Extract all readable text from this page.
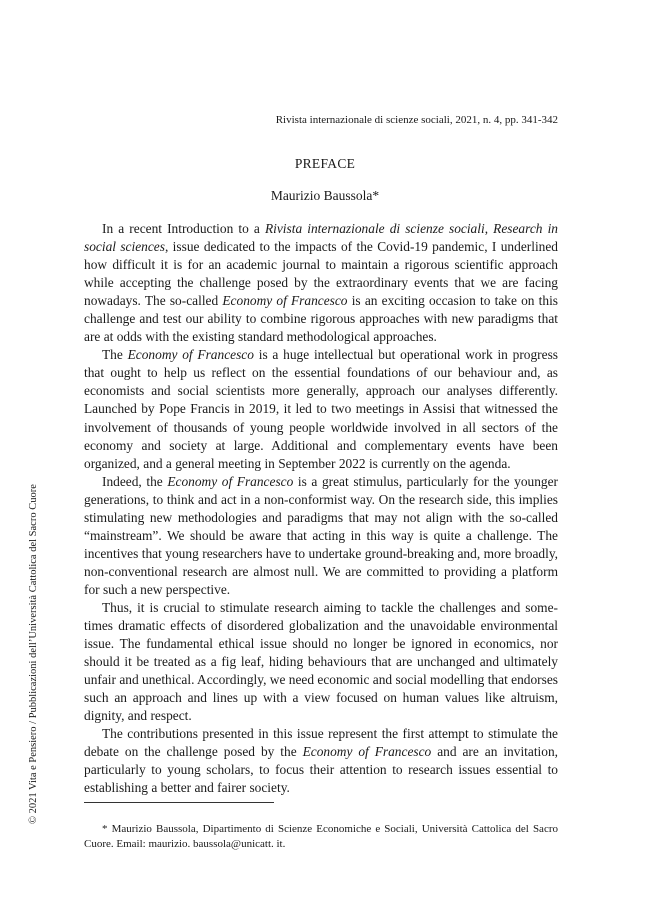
Rivista internazionale di scienze sociali, 2021, n. 4, pp. 341-342
PREFACE
Maurizio Baussola*

In a recent Introduction to a Rivista internazionale di scienze sociali, Research in social sciences, issue dedicated to the impacts of the Covid-19 pandemic, I underlined how difficult it is for an academic journal to maintain a rigorous scientific approach while accepting the challenge posed by the extraordinary events that we are facing nowadays. The so-called Economy of Francesco is an exciting occasion to take on this challenge and test our ability to combine rigorous approaches with new paradigms that are at odds with the existing standard methodological approaches.

The Economy of Francesco is a huge intellectual but operational work in progress that ought to help us reflect on the essential foundations of our behaviour and, as economists and social scientists more generally, approach our analyses differently. Launched by Pope Francis in 2019, it led to two meetings in Assisi that witnessed the involvement of thousands of young people worldwide involved in all sectors of the economy and society at large. Additional and complementary events have been organized, and a general meeting in September 2022 is currently on the agenda.

Indeed, the Economy of Francesco is a great stimulus, particularly for the younger generations, to think and act in a non-conformist way. On the research side, this implies stimulating new methodologies and paradigms that may not align with the so-called “mainstream”. We should be aware that acting in this way is quite a challenge. The incentives that young researchers have to undertake ground-breaking and, more broadly, non-conventional research are almost null. We are committed to providing a platform for such a new perspective.

Thus, it is crucial to stimulate research aiming to tackle the challenges and sometimes dramatic effects of disordered globalization and the unavoidable environmental issue. The fundamental ethical issue should no longer be ignored in economics, nor should it be treated as a fig leaf, hiding behaviours that are unchanged and ultimately unfair and unethical. Accordingly, we need economic and social modelling that endorses such an approach and lines up with a view focused on human values like altruism, dignity, and respect.

The contributions presented in this issue represent the first attempt to stimulate the debate on the challenge posed by the Economy of Francesco and are an invitation, particularly to young scholars, to focus their attention to research issues essential to establishing a better and fairer society.

* Maurizio Baussola, Dipartimento di Scienze Economiche e Sociali, Università Cattolica del Sacro Cuore. Email: maurizio. baussola@unicatt. it.
© 2021 Vita e Pensiero / Pubblicazioni dell’Università Cattolica del Sacro Cuore
